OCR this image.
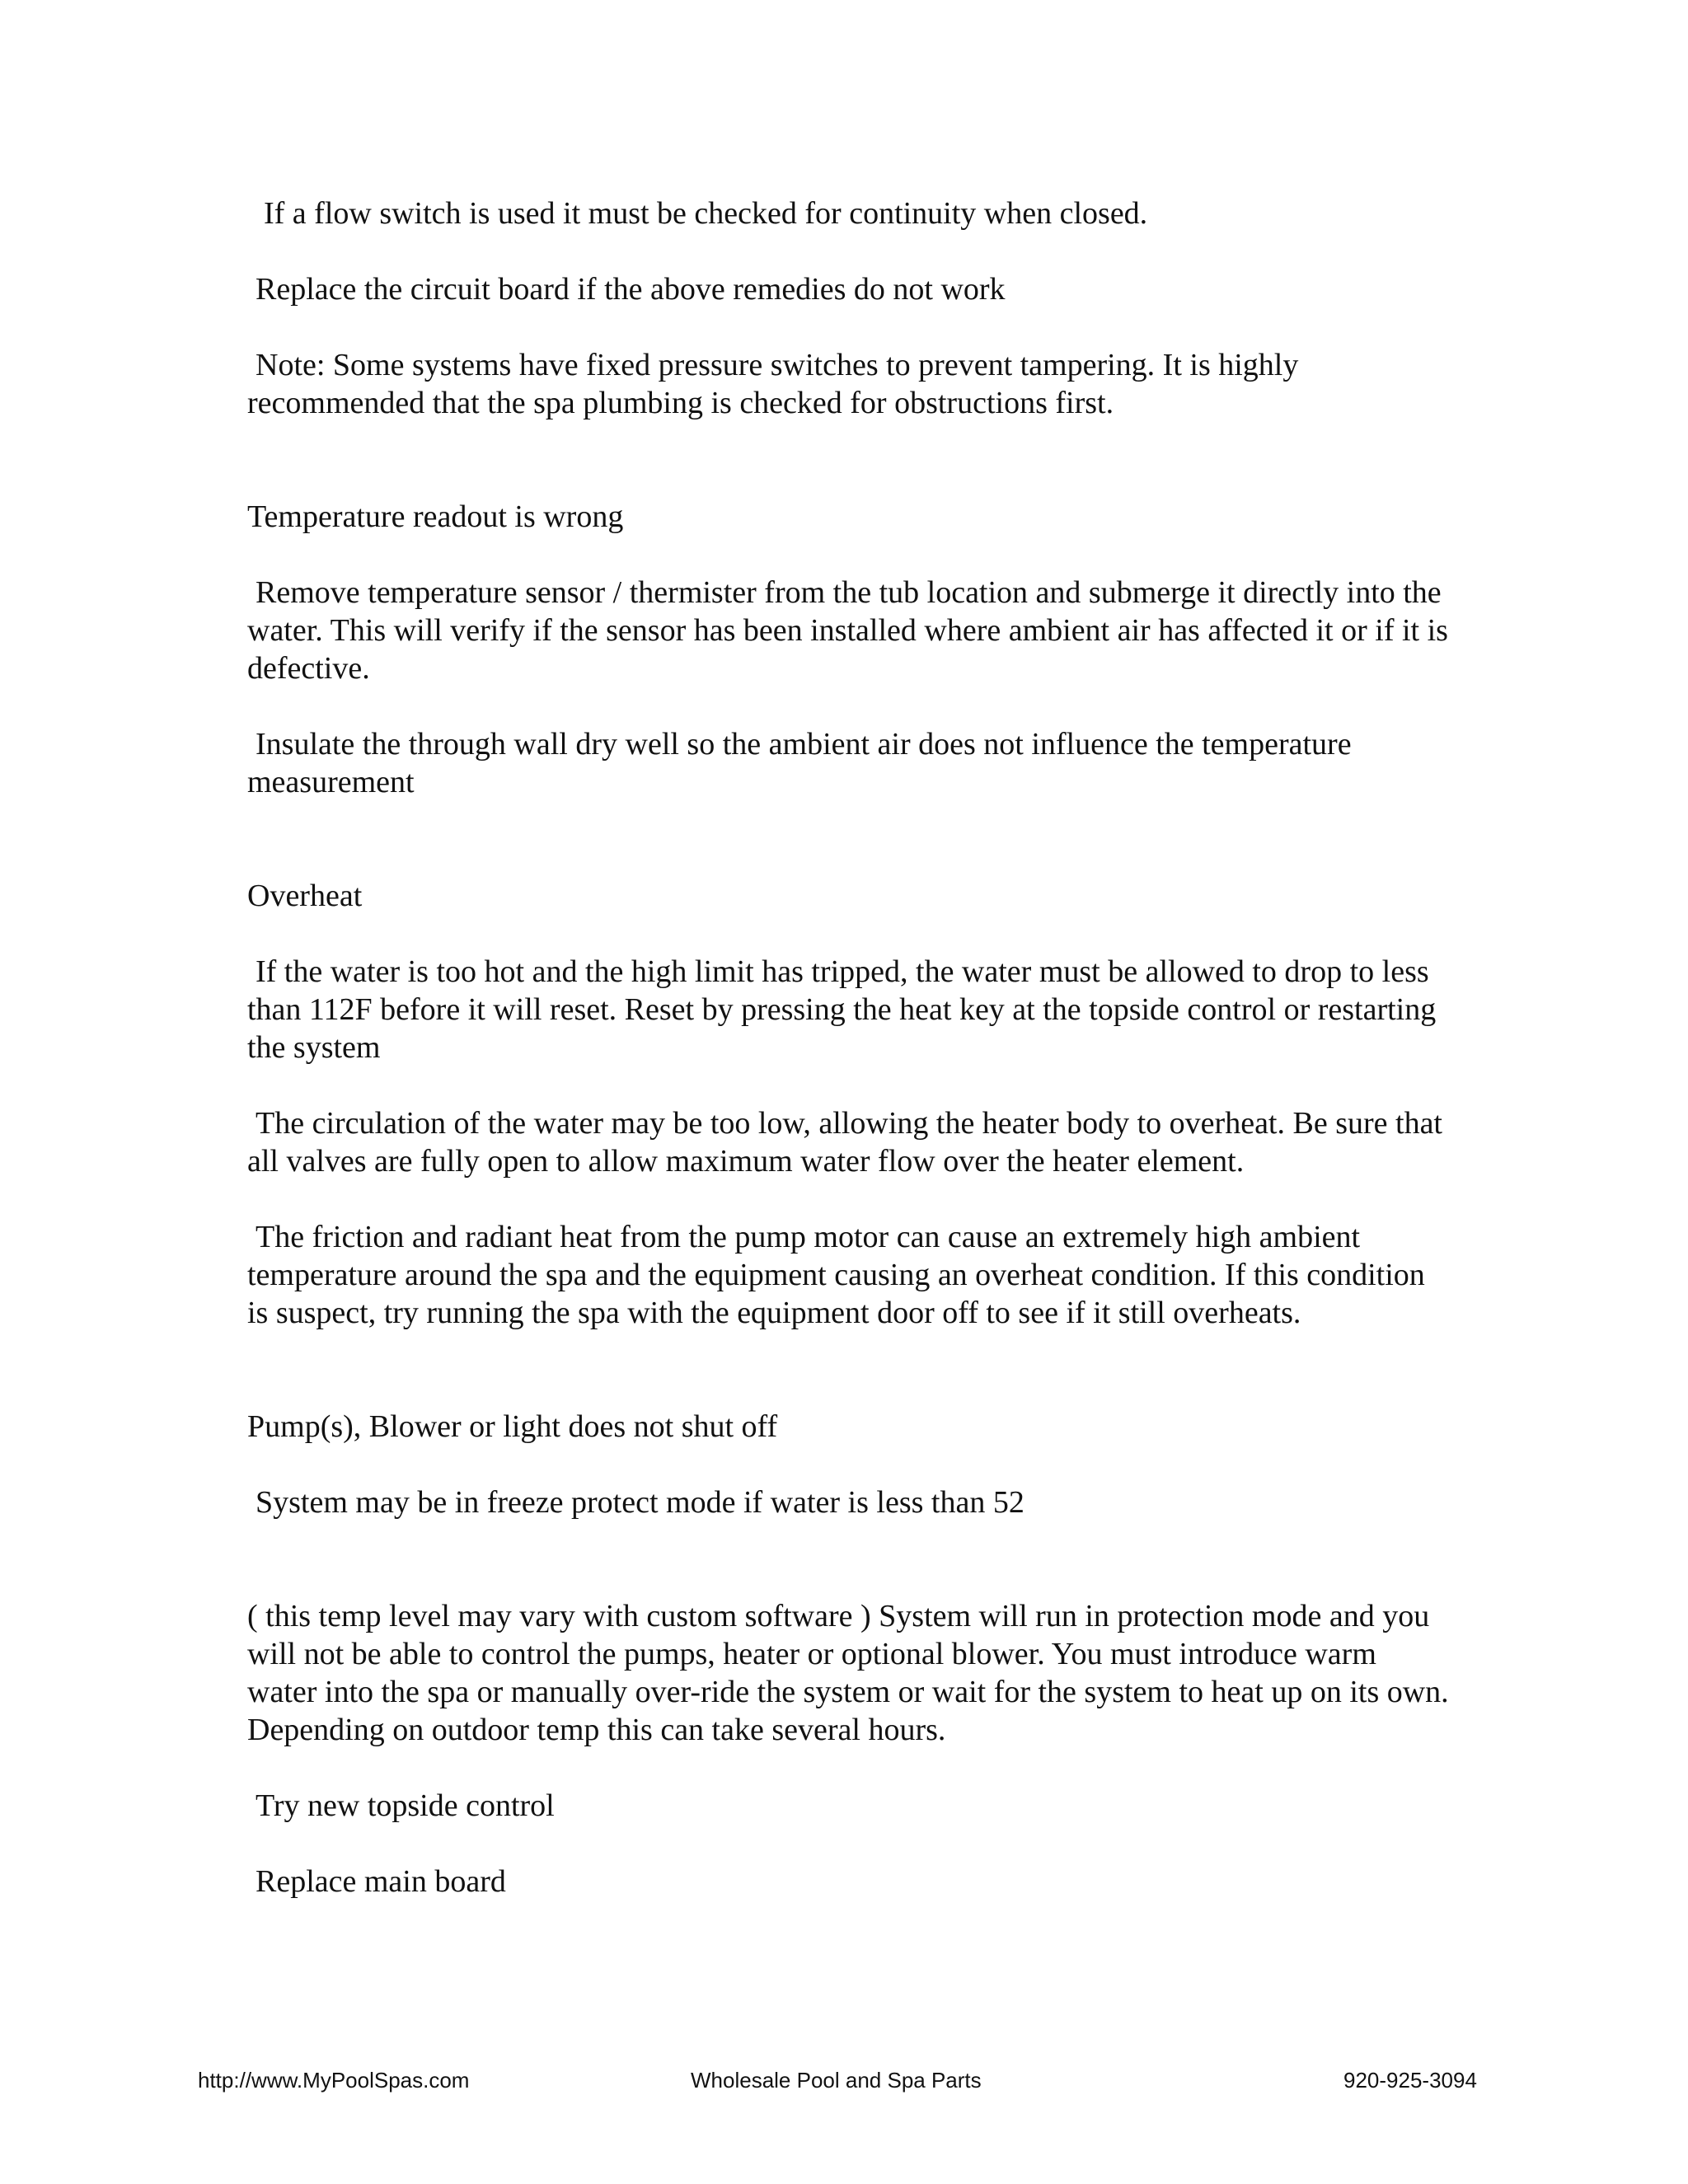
If a flow switch is used it must be checked for continuity when closed.

Replace the circuit board if the above remedies do not work

Note: Some systems have fixed pressure switches to prevent tampering. It is highly recommended that the spa plumbing is checked for obstructions first.

Temperature readout is wrong

Remove temperature sensor / thermister from the tub location and submerge it directly into the water. This will verify if the sensor has been installed where ambient air has affected it or if it is defective.

Insulate the through wall dry well so the ambient air does not influence the temperature measurement

Overheat

If the water is too hot and the high limit has tripped, the water must be allowed to drop to less than 112F before it will reset. Reset by pressing the heat key at the topside control or restarting the system

The circulation of the water may be too low, allowing the heater body to overheat. Be sure that all valves are fully open to allow maximum water flow over the heater element.

The friction and radiant heat from the pump motor can cause an extremely high ambient temperature around the spa and the equipment causing an overheat condition. If this condition is suspect, try running the spa with the equipment door off to see if it still overheats.

Pump(s), Blower or light does not shut off

System may be in freeze protect mode if water is less than 52

( this temp level may vary with custom software ) System will run in protection mode and you will not be able to control the pumps, heater or optional blower. You must introduce warm water into the spa or manually over-ride the system or wait for the system to heat up on its own. Depending on outdoor temp this can take several hours.

Try new topside control

Replace main board

http://www.MyPoolSpas.com	Wholesale Pool and Spa Parts	920-925-3094
